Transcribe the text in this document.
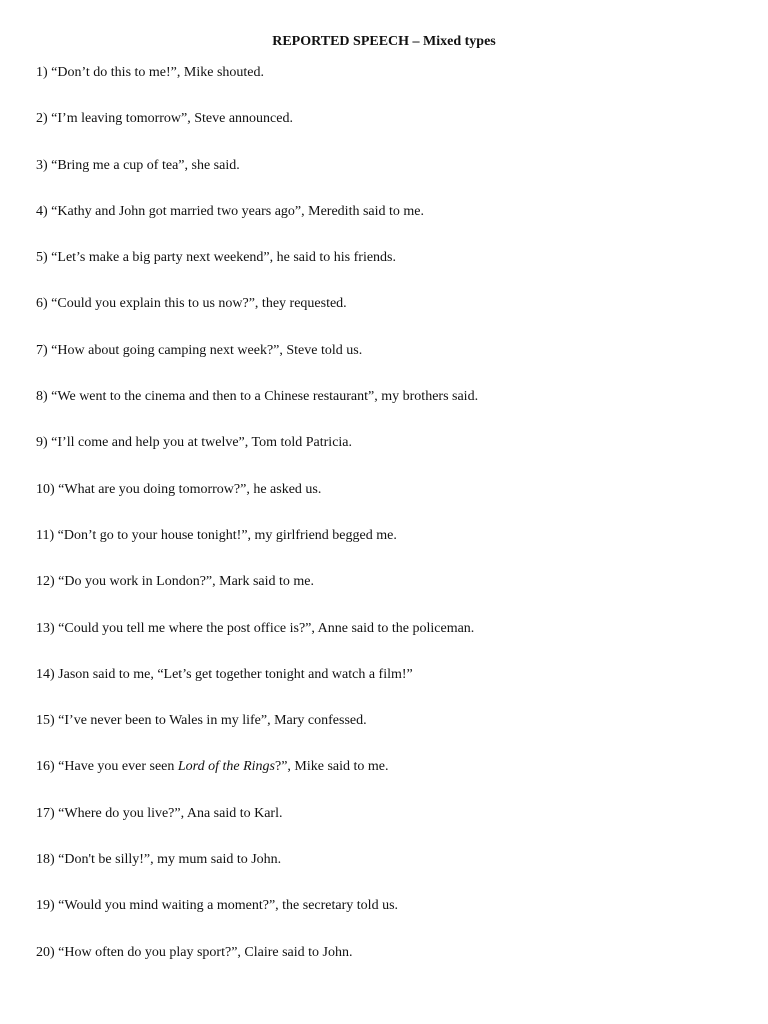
REPORTED SPEECH – Mixed types
1) “Don’t do this to me!”, Mike shouted.
2) “I’m leaving tomorrow”, Steve announced.
3) “Bring me a cup of tea”, she said.
4) “Kathy and John got married two years ago”, Meredith said to me.
5) “Let’s make a big party next weekend”, he said to his friends.
6) “Could you explain this to us now?”, they requested.
7) “How about going camping next week?”, Steve told us.
8) “We went to the cinema and then to a Chinese restaurant”, my brothers said.
9) “I’ll come and help you at twelve”, Tom told Patricia.
10) “What are you doing tomorrow?”, he asked us.
11) “Don’t go to your house tonight!”, my girlfriend begged me.
12) “Do you work in London?”, Mark said to me.
13) “Could you tell me where the post office is?”, Anne said to the policeman.
14) Jason said to me, “Let’s get together tonight and watch a film!”
15) “I’ve never been to Wales in my life”, Mary confessed.
16) “Have you ever seen Lord of the Rings?”, Mike said to me.
17) “Where do you live?”, Ana said to Karl.
18) “Don't be silly!”, my mum said to John.
19) “Would you mind waiting a moment?”, the secretary told us.
20) “How often do you play sport?”, Claire said to John.
